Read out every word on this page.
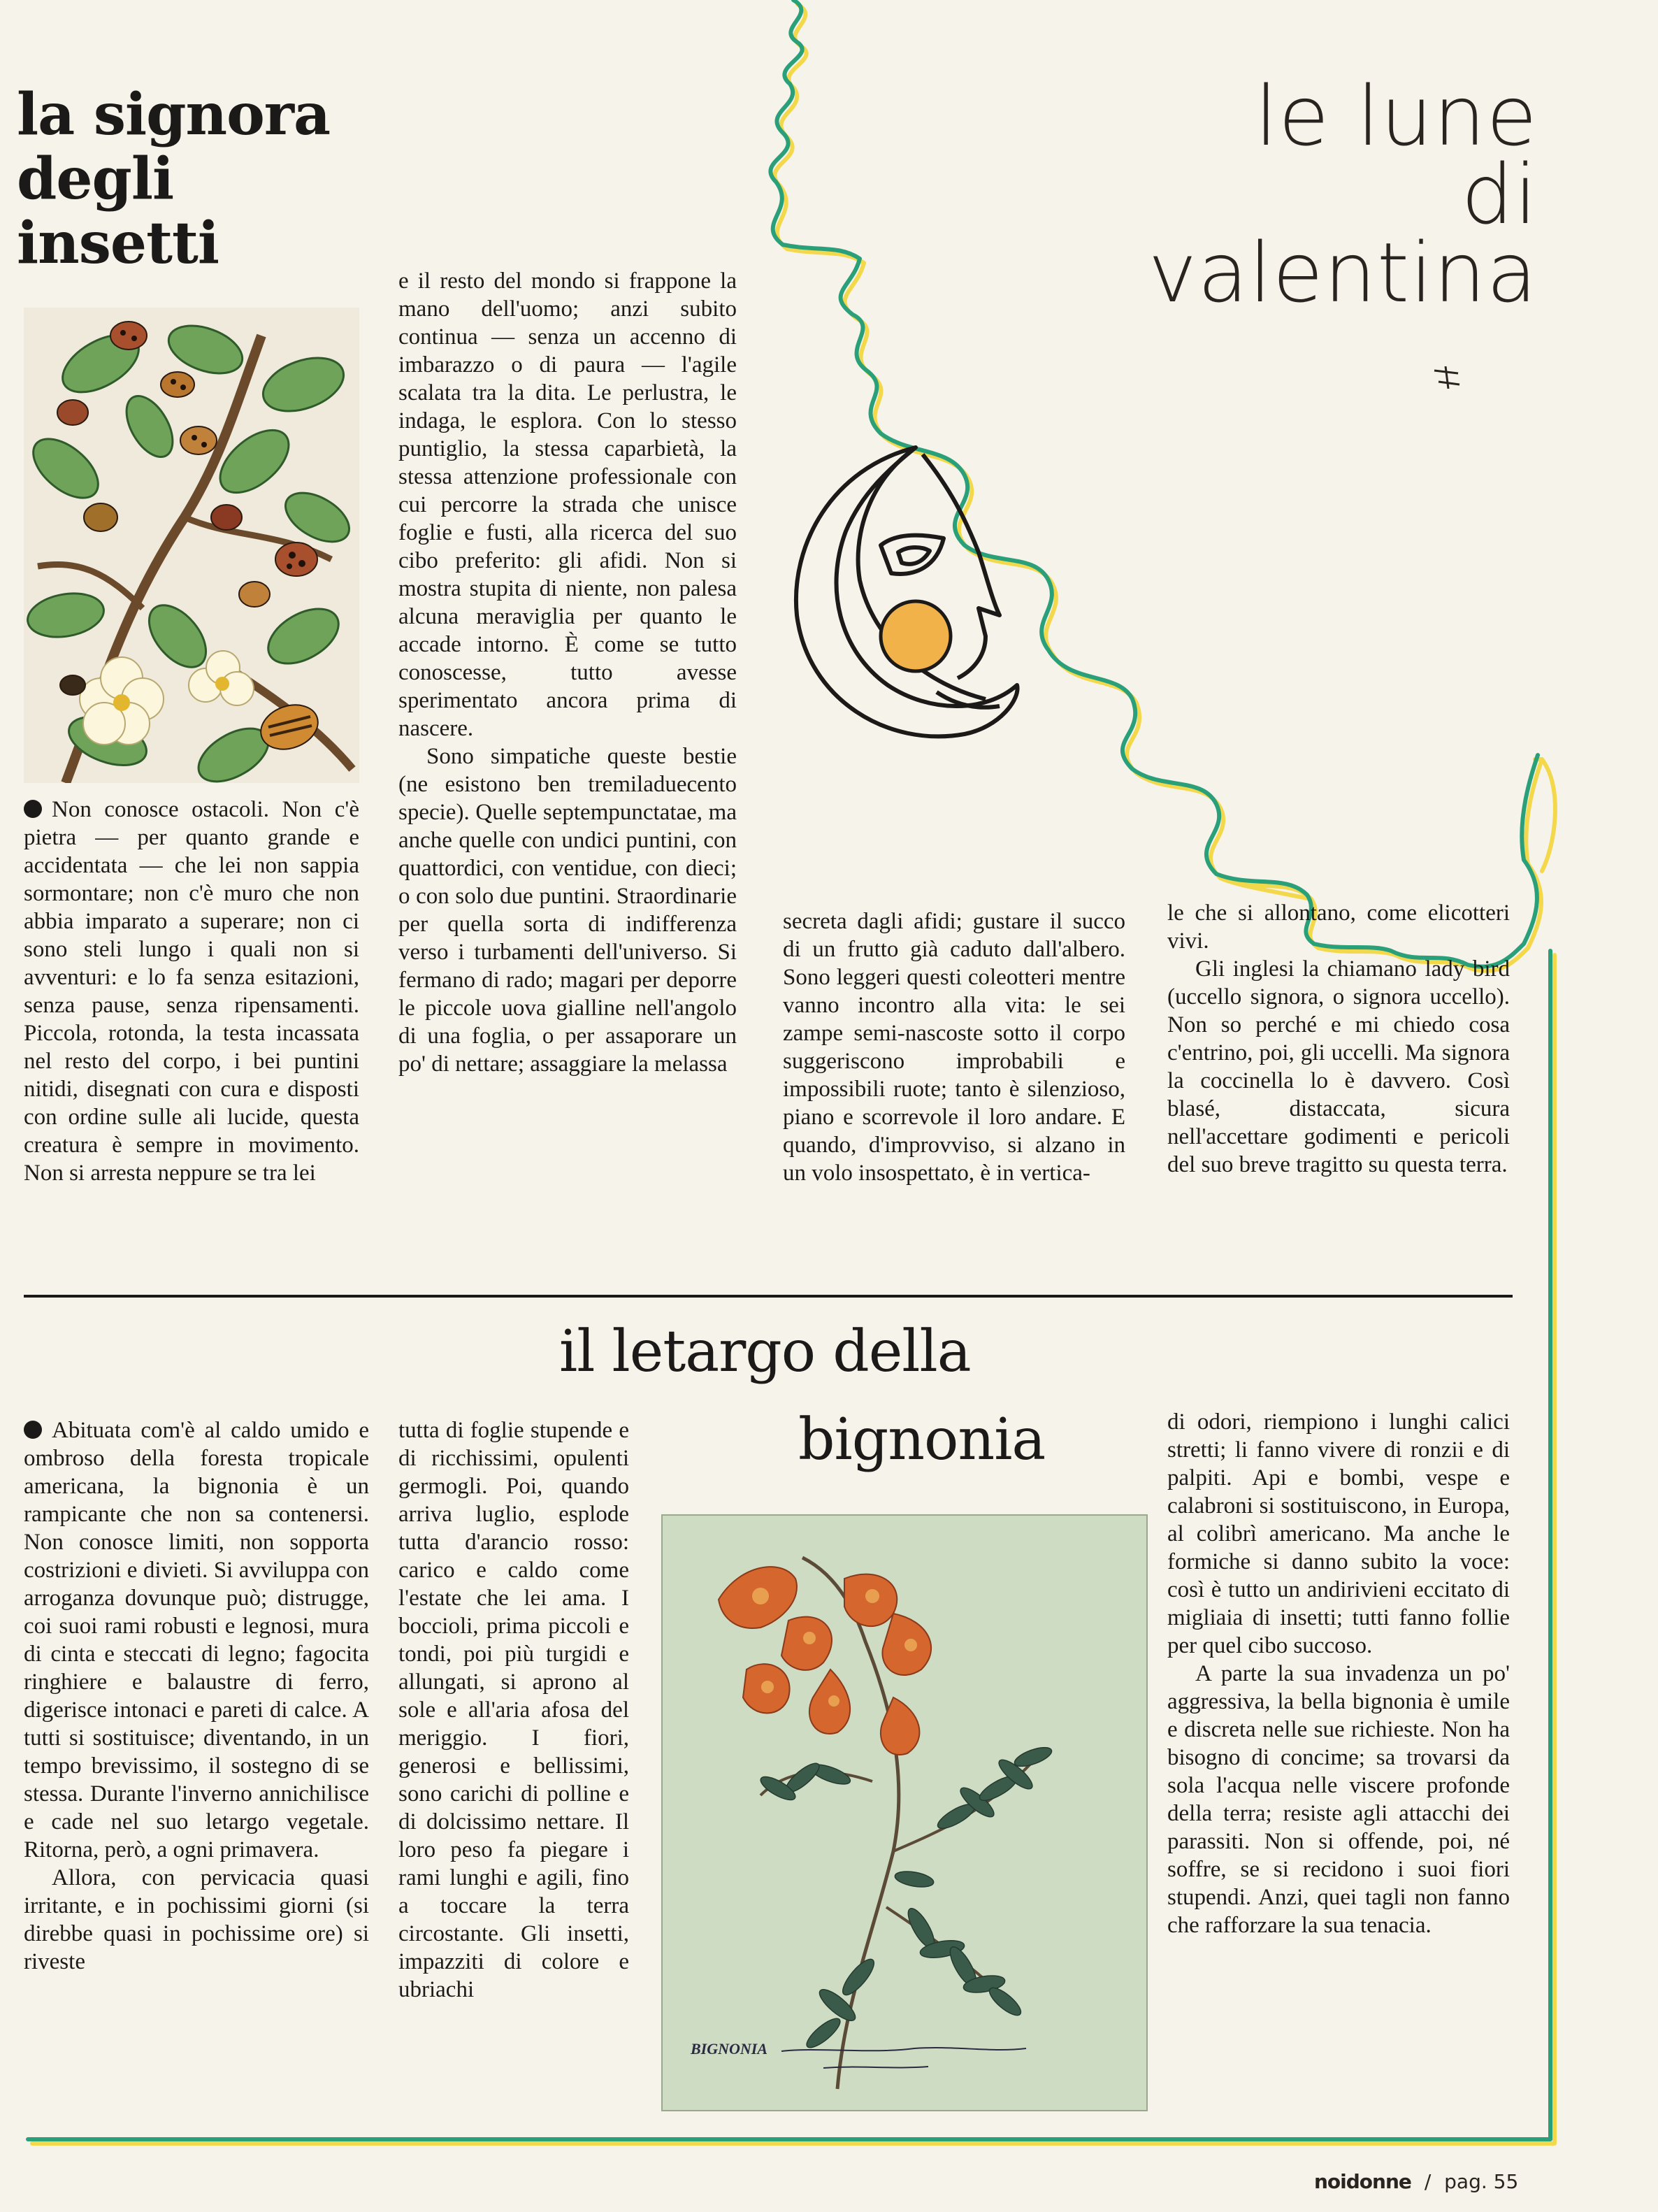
la signora
degli
insetti

Non conosce ostacoli. Non c'è pietra — per quanto grande e accidentata — che lei non sappia sormontare; non c'è muro che non abbia imparato a superare; non ci sono steli lungo i quali non si avventuri: e lo fa senza esitazioni, senza pause, senza ripensamenti. Piccola, rotonda, la testa incassata nel resto del corpo, i bei puntini nitidi, disegnati con cura e disposti con ordine sulle ali lucide, questa creatura è sempre in movimento. Non si arresta neppure se tra lei

e il resto del mondo si frappone la mano dell'uomo; anzi subito continua — senza un accenno di imbarazzo o di paura — l'agile scalata tra la dita. Le perlustra, le indaga, le esplora. Con lo stesso puntiglio, la stessa caparbietà, la stessa attenzione professionale con cui percorre la strada che unisce foglie e fusti, alla ricerca del suo cibo preferito: gli afidi. Non si mostra stupita di niente, non palesa alcuna meraviglia per quanto le accade intorno. È come se tutto conoscesse, tutto avesse sperimentato ancora prima di nascere.

Sono simpatiche queste bestie (ne esistono ben tremiladuecento specie). Quelle septempunctatae, ma anche quelle con undici puntini, con quattordici, con ventidue, con dieci; o con solo due puntini. Straordinarie per quella sorta di indifferenza verso i turbamenti dell'universo. Si fermano di rado; magari per deporre le piccole uova gialline nell'angolo di una foglia, o per assaporare un po' di nettare; assaggiare la melassa

secreta dagli afidi; gustare il succo di un frutto già caduto dall'albero. Sono leggeri questi coleotteri mentre vanno incontro alla vita: le sei zampe semi-nascoste sotto il corpo suggeriscono improbabili e impossibili ruote; tanto è silenzioso, piano e scorrevole il loro andare. E quando, d'improvviso, si alzano in un volo insospettato, è in vertica-

le che si allontano, come elicotteri vivi.

Gli inglesi la chiamano lady bird (uccello signora, o signora uccello). Non so perché e mi chiedo cosa c'entrino, poi, gli uccelli. Ma signora la coccinella lo è davvero. Così blasé, distaccata, sicura nell'accettare godimenti e pericoli del suo breve tragitto su questa terra.

le lune
di valentina
il letargo della
bignonia

Abituata com'è al caldo umido e ombroso della foresta tropicale americana, la bignonia è un rampicante che non sa contenersi. Non conosce limiti, non sopporta costrizioni e divieti. Si avviluppa con arroganza dovunque può; distrugge, coi suoi rami robusti e legnosi, mura di cinta e steccati di legno; fagocita ringhiere e balaustre di ferro, digerisce intonaci e pareti di calce. A tutti si sostituisce; diventando, in un tempo brevissimo, il sostegno di se stessa. Durante l'inverno annichilisce e cade nel suo letargo vegetale. Ritorna, però, a ogni primavera.

Allora, con pervicacia quasi irritante, e in pochissimi giorni (si direbbe quasi in pochissime ore) si riveste

tutta di foglie stupende e di ricchissimi, opulenti germogli. Poi, quando arriva luglio, esplode tutta d'arancio rosso: carico e caldo come l'estate che lei ama. I boccioli, prima piccoli e tondi, poi più turgidi e allungati, si aprono al sole e all'aria afosa del meriggio. I fiori, generosi e bellissimi, sono carichi di polline e di dolcissimo nettare. Il loro peso fa piegare i rami lunghi e agili, fino a toccare la terra circostante. Gli insetti, impazziti di colore e ubriachi

di odori, riempiono i lunghi calici stretti; li fanno vivere di ronzii e di palpiti. Api e bombi, vespe e calabroni si sostituiscono, in Europa, al colibrì americano. Ma anche le formiche si danno subito la voce: così è tutto un andirivieni eccitato di migliaia di insetti; tutti fanno follie per quel cibo succoso.

A parte la sua invadenza un po' aggressiva, la bella bignonia è umile e discreta nelle sue richieste. Non ha bisogno di concime; sa trovarsi da sola l'acqua nelle viscere profonde della terra; resiste agli attacchi dei parassiti. Non si offende, poi, né soffre, se si recidono i suoi fiori stupendi. Anzi, quei tagli non fanno che rafforzare la sua tenacia.

BIGNONIA
noidonne / pag. 55
